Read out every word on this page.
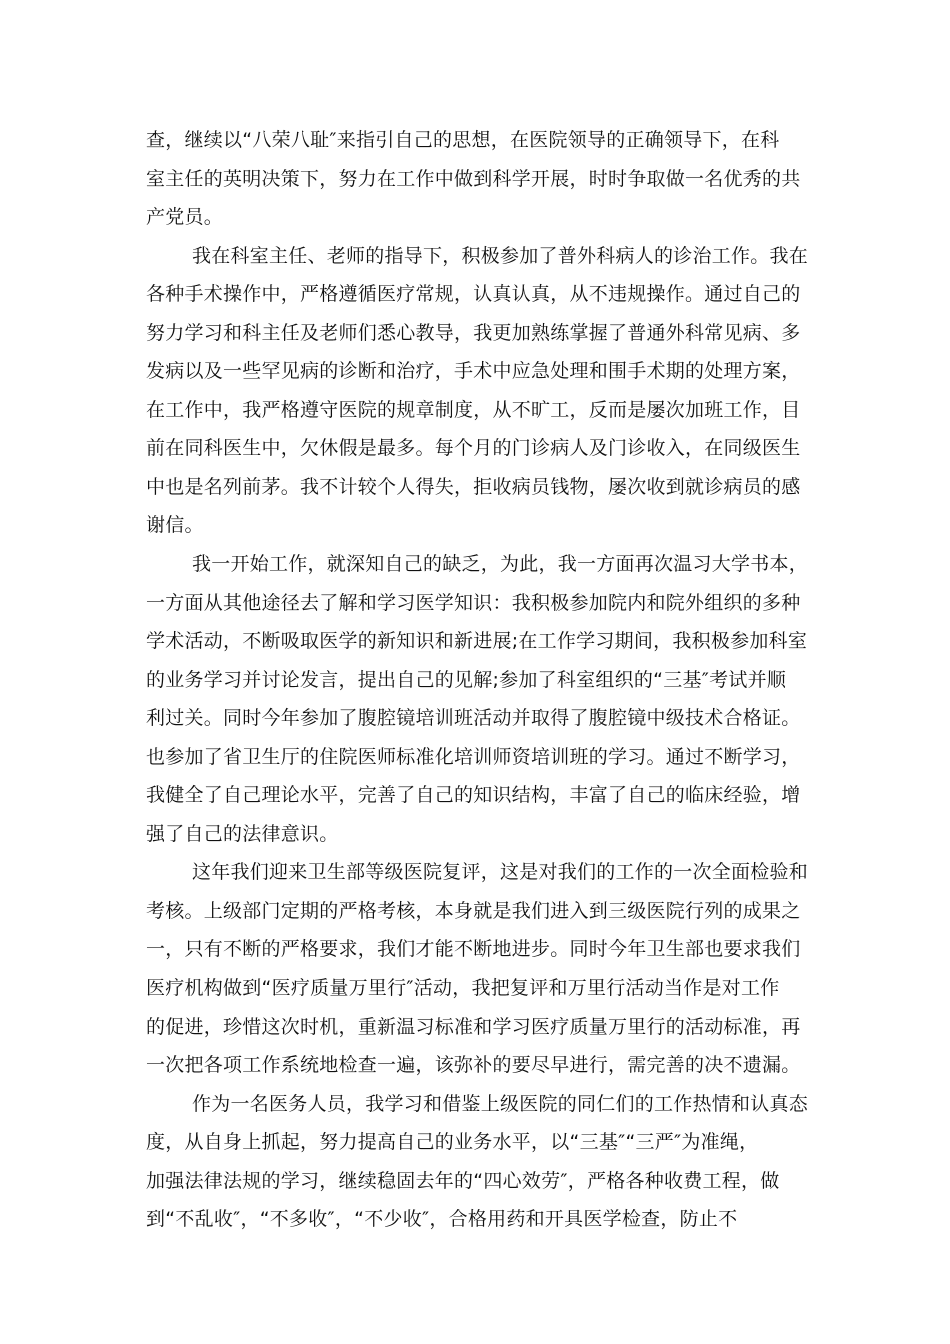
查，继续以“八荣八耻″来指引自己的思想，在医院领导的正确领导下，在科
室主任的英明决策下，努力在工作中做到科学开展，时时争取做一名优秀的共
产党员。
我在科室主任、老师的指导下，积极参加了普外科病人的诊治工作。我在
各种手术操作中，严格遵循医疗常规，认真认真，从不违规操作。通过自己的
努力学习和科主任及老师们悉心教导，我更加熟练掌握了普通外科常见病、多
发病以及一些罕见病的诊断和治疗，手术中应急处理和围手术期的处理方案，
在工作中，我严格遵守医院的规章制度，从不旷工，反而是屡次加班工作，目
前在同科医生中，欠休假是最多。每个月的门诊病人及门诊收入，在同级医生
中也是名列前茅。我不计较个人得失，拒收病员钱物，屡次收到就诊病员的感
谢信。
我一开始工作，就深知自己的缺乏，为此，我一方面再次温习大学书本，
一方面从其他途径去了解和学习医学知识：我积极参加院内和院外组织的多种
学术活动，不断吸取医学的新知识和新进展;在工作学习期间，我积极参加科室
的业务学习并讨论发言，提出自己的见解;参加了科室组织的“三基″考试并顺
利过关。同时今年参加了腹腔镜培训班活动并取得了腹腔镜中级技术合格证。
也参加了省卫生厅的住院医师标准化培训师资培训班的学习。通过不断学习，
我健全了自己理论水平，完善了自己的知识结构，丰富了自己的临床经验，增
强了自己的法律意识。
这年我们迎来卫生部等级医院复评，这是对我们的工作的一次全面检验和
考核。上级部门定期的严格考核，本身就是我们进入到三级医院行列的成果之
一，只有不断的严格要求，我们才能不断地进步。同时今年卫生部也要求我们
医疗机构做到“医疗质量万里行″活动，我把复评和万里行活动当作是对工作
的促进，珍惜这次时机，重新温习标准和学习医疗质量万里行的活动标准，再
一次把各项工作系统地检查一遍，该弥补的要尽早进行，需完善的决不遗漏。
作为一名医务人员，我学习和借鉴上级医院的同仁们的工作热情和认真态
度，从自身上抓起，努力提高自己的业务水平，以“三基″“三严″为准绳，
加强法律法规的学习，继续稳固去年的“四心效劳″，严格各种收费工程，做
到“不乱收″，“不多收″，“不少收″，合格用药和开具医学检查，防止不
